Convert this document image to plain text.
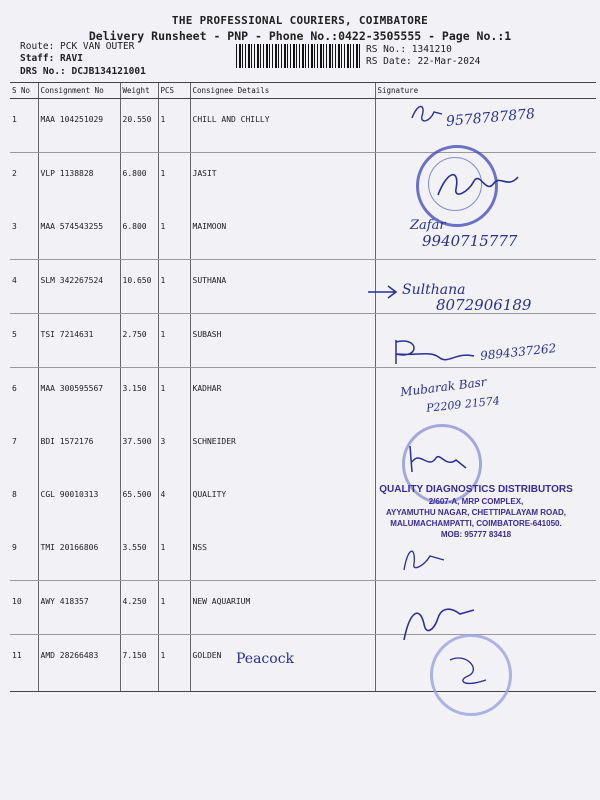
THE PROFESSIONAL COURIERS, COIMBATORE
Delivery Runsheet - PNP - Phone No.:0422-3505555 - Page No.:1
Route: PCK VAN OUTER
Staff: RAVI
DRS No.: DCJB134121001
RS No.: 1341210
RS Date: 22-Mar-2024
S No	Consignment No	Weight	PCS	Consignee Details	Signature
1	MAA 104251029	20.550	1	CHILL AND CHILLY	
2	VLP 1138828	6.800	1	JASIT	
3	MAA 574543255	6.800	1	MAIMOON	
4	SLM 342267524	10.650	1	SUTHANA	
5	TSI 7214631	2.750	1	SUBASH	
6	MAA 300595567	3.150	1	KADHAR	
7	BDI 1572176	37.500	3	SCHNEIDER	
8	CGL 90010313	65.500	4	QUALITY	
9	TMI 20166806	3.550	1	NSS	
10	AWY 418357	4.250	1	NEW AQUARIUM	
11	AMD 28266483	7.150	1	GOLDEN	
9578787878
Zafar
9940715777
Sulthana
8072906189
9894337262
Mubarak Basr
P2209 21574
QUALITY DIAGNOSTICS DISTRIBUTORS
2/607-A, MRP COMPLEX,
AYYAMUTHU NAGAR, CHETTIPALAYAM ROAD,
MALUMACHAMPATTI, COIMBATORE-641050.
MOB: 95777 83418

Peacock
